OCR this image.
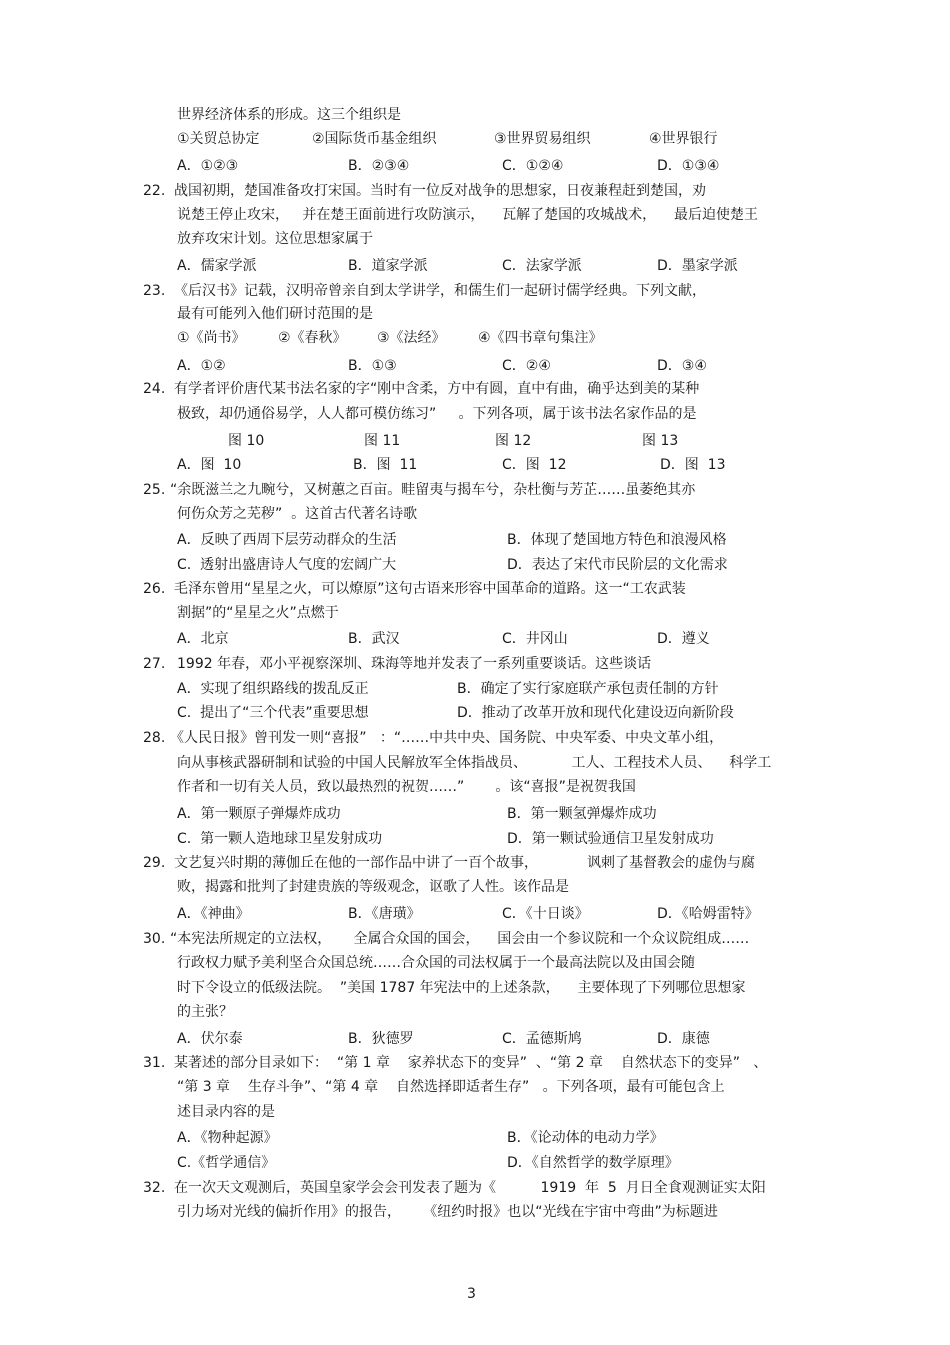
世界经济体系的形成。这三个组织是
①关贸总协定	②国际货币基金组织	③世界贸易组织	④世界银行
A．①②③	B．②③④	C．①②④	D．①③④
22. 战国初期，楚国准备攻打宋国。当时有一位反对战争的思想家，日夜兼程赶到楚国，劝
说楚王停止攻宋，   并在楚王面前进行攻防演示，    瓦解了楚国的攻城战术，    最后迫使楚王
放弃攻宋计划。这位思想家属于
A．儒家学派	B．道家学派	C．法家学派	D．墨家学派
23. 《后汉书》记载，汉明帝曾亲自到太学讲学，和儒生们一起研讨儒学经典。下列文献，
最有可能列入他们研讨范围的是
①《尚书》 ②《春秋》 ③《法经》 ④《四书章句集注》
A．①②	B．①③	C．②④	D．③④
24. 有学者评价唐代某书法名家的字“刚中含柔，方中有圆，直中有曲，确乎达到美的某种
极致，却仍通俗易学，人人都可模仿练习”     。下列各项，属于该书法名家作品的是
图 10	图 11	图 12	图 13
A．图  10	B．图  11	C．图  12	D．图  13
25. “余既滋兰之九畹兮，又树蕙之百亩。畦留夷与揭车兮，杂杜衡与芳芷……虽萎绝其亦
何伤众芳之芜秽”  。这首古代著名诗歌
A．反映了西周下层劳动群众的生活	B．体现了楚国地方特色和浪漫风格
C.  透射出盛唐诗人气度的宏阔广大	D．表达了宋代市民阶层的文化需求
26. 毛泽东曾用“星星之火，可以燎原”这句古语来形容中国革命的道路。这一“工农武装
割据”的“星星之火”点燃于
A．北京	B．武汉	C．井冈山	D．遵义
27. 1992 年春，邓小平视察深圳、珠海等地并发表了一系列重要谈话。这些谈话
A．实现了组织路线的拨乱反正	B．确定了实行家庭联产承包责任制的方针
C.  提出了“三个代表”重要思想	D．推动了改革开放和现代化建设迈向新阶段
28. 《人民日报》曾刊发一则“喜报”   ：“……中共中央、国务院、中央军委、中央文革小组，
向从事核武器研制和试验的中国人民解放军全体指战员、          工人、工程技术人员、    科学工
作者和一切有关人员，致以最热烈的祝贺……”       。该“喜报”是祝贺我国
A．第一颗原子弹爆炸成功	B．第一颗氢弹爆炸成功
C.  第一颗人造地球卫星发射成功	D．第一颗试验通信卫星发射成功
29. 文艺复兴时期的薄伽丘在他的一部作品中讲了一百个故事，           讽刺了基督教会的虚伪与腐
败，揭露和批判了封建贵族的等级观念，讴歌了人性。该作品是
A．《神曲》	B．《唐璜》	C．《十日谈》	D．《哈姆雷特》
30. “本宪法所规定的立法权，     全属合众国的国会，    国会由一个参议院和一个众议院组成……
行政权力赋予美利坚合众国总统……合众国的司法权属于一个最高法院以及由国会随
时下令设立的低级法院。  ”美国 1787 年宪法中的上述条款，    主要体现了下列哪位思想家
的主张？
A．伏尔泰	B．狄德罗	C．孟德斯鸠	D．康德
31. 某著述的部分目录如下：  “第 1 章    家养状态下的变异”  、“第 2 章    自然状态下的变异”   、
“第 3 章    生存斗争”、“第 4 章    自然选择即适者生存”   。下列各项，最有可能包含上
述目录内容的是
A．《物种起源》	B．《论动体的电动力学》
C.《哲学通信》	D．《自然哲学的数学原理》
32. 在一次天文观测后，英国皇家学会会刊发表了题为《          1919  年  5  月日全食观测证实太阳
引力场对光线的偏折作用》的报告，     《纽约时报》也以“光线在宇宙中弯曲”为标题进
3
